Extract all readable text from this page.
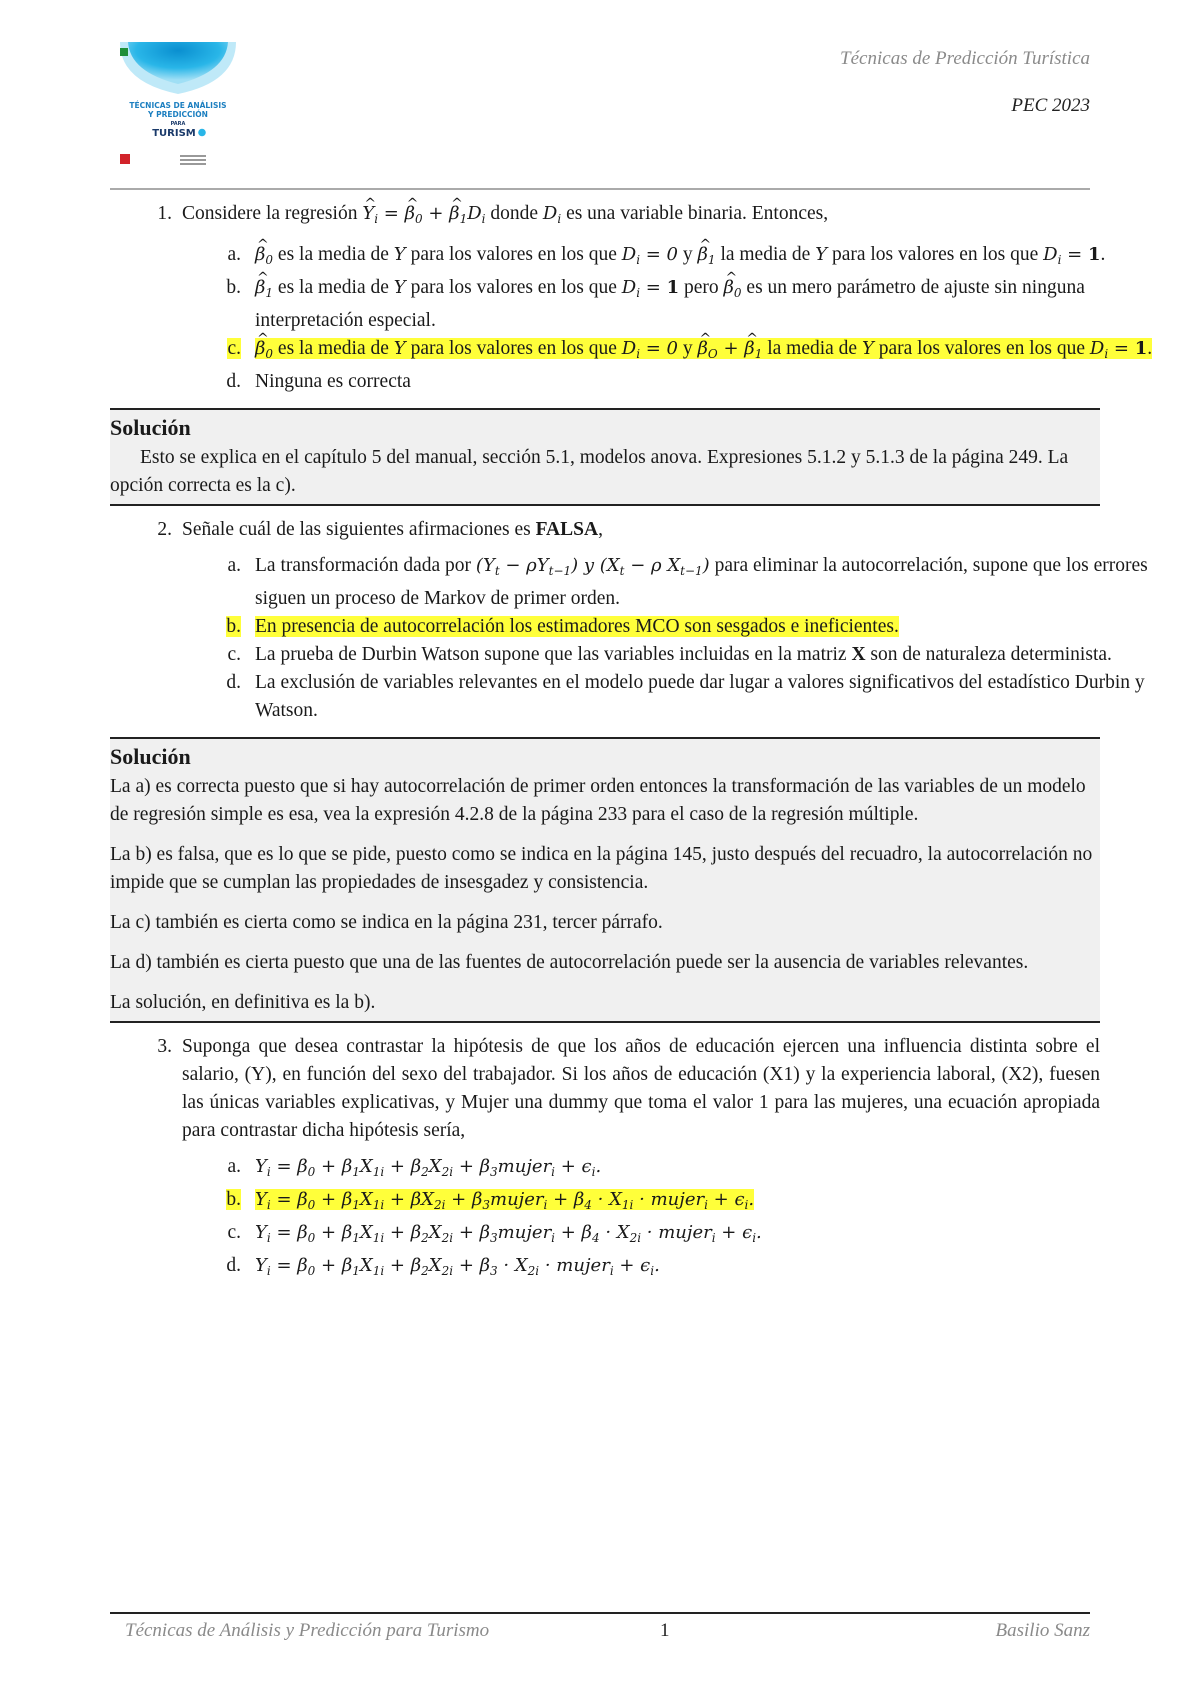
TÉCNICAS DE ANÁLISIS
Y PREDICCIÓN
PARA
TURISM
Técnicas de Predicción Turística
PEC 2023
1. Considere la regresión ^ $Y_i$ = ^ $\beta_0$ + ^ $\beta_1D_i$ donde $D_i$ es una variable binaria. Entonces,
a. ^ $\beta_0$ es la media de Y para los valores en los que $D_i = 0$ y ^ $\beta_1$ la media de Y para los valores en los que $D_i = 1$.
b. ^ $\beta_1$ es la media de Y para los valores en los que $D_i = 1$ pero ^ $\beta_0$ es un mero parámetro de ajuste sin ninguna interpretación especial.
c. ^ $\beta_0$ es la media de Y para los valores en los que $D_i = 0$ y ^ $\beta_O$ + ^ $\beta_1$ la media de Y para los valores en los que $D_i = 1$.
d. Ninguna es correcta
Solución

Esto se explica en el capítulo 5 del manual, sección 5.1, modelos anova. Expresiones 5.1.2 y 5.1.3 de la página 249. La opción correcta es la c).

2. Señale cuál de las siguientes afirmaciones es FALSA,
a. La transformación dada por $(Y_t - \rho Y_{t-1})$ y ($X_t - \rho$ $X_{t-1}$) para eliminar la autocorrelación, supone que los errores siguen un proceso de Markov de primer orden.
b. En presencia de autocorrelación los estimadores MCO son sesgados e ineficientes.
c. La prueba de Durbin Watson supone que las variables incluidas en la matriz X son de naturaleza determinista.
d. La exclusión de variables relevantes en el modelo puede dar lugar a valores significativos del estadístico Durbin y Watson.
Solución

La a) es correcta puesto que si hay autocorrelación de primer orden entonces la transformación de las variables de un modelo de regresión simple es esa, vea la expresión 4.2.8 de la página 233 para el caso de la regresión múltiple.

La b) es falsa, que es lo que se pide, puesto como se indica en la página 145, justo después del recuadro, la autocorrelación no impide que se cumplan las propiedades de insesgadez y consistencia.

La c) también es cierta como se indica en la página 231, tercer párrafo.

La d) también es cierta puesto que una de las fuentes de autocorrelación puede ser la ausencia de variables relevantes.

La solución, en definitiva es la b).

3. Suponga que desea contrastar la hipótesis de que los años de educación ejercen una influencia distinta sobre el salario, (Y), en función del sexo del trabajador. Si los años de educación (X1) y la experiencia laboral, (X2), fuesen las únicas variables explicativas, y Mujer una dummy que toma el valor 1 para las mujeres, una ecuación apropiada para contrastar dicha hipótesis sería,
a. $Y_i = \beta_0 + \beta_1X_{1i} + \beta_2X_{2i}$ + $\beta_3mujer_i + \epsilon_i$.
b. $Y_i = \beta_0 + \beta_1X_{1i} + \beta X_{2i}$ + $\beta_3mujer_i + \beta_4 \cdot X_{1i}$ · mujer$_i$ + $\epsilon_i$.
c. $Y_i = \beta_0 + \beta_1X_{1i} + \beta_2X_{2i}$ + $\beta_3mujer_i + \beta_4 \cdot X_{2i}$ · mujer$_i$ + $\epsilon_i$.
d. $Y_i = \beta_0 + \beta_1X_{1i} + \beta_2X_{2i} + \beta_3 \cdot X_{2i}$ · mujer$_i$ + $\epsilon_i$.
Técnicas de Análisis y Predicción para Turismo	1	Basilio Sanz
